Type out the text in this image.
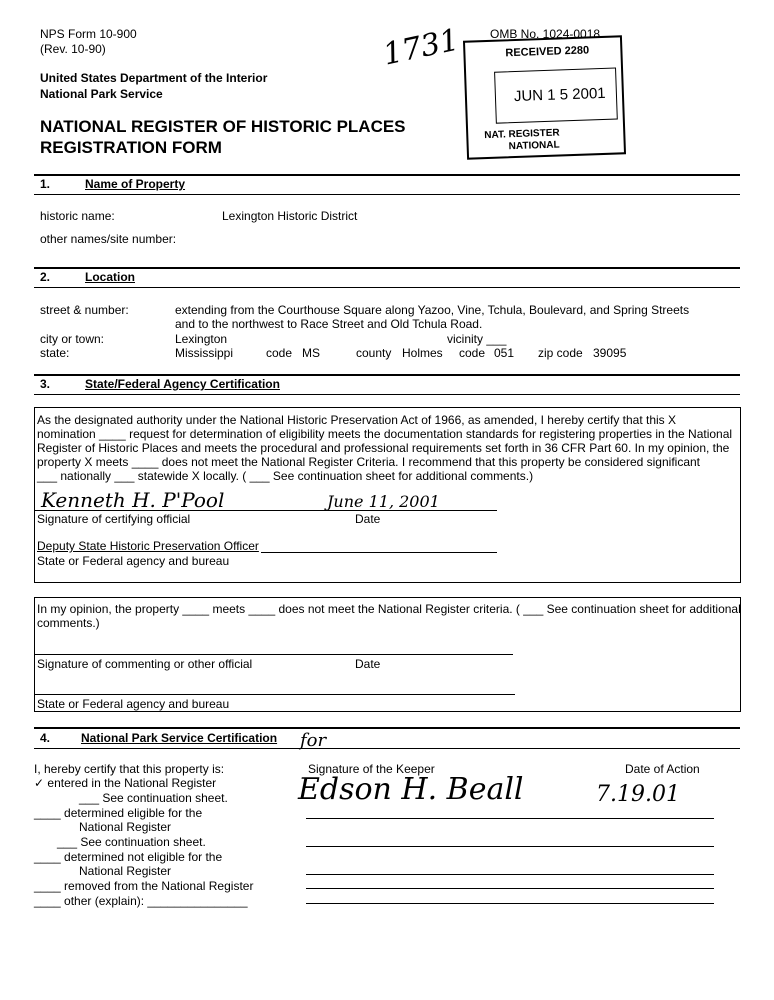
NPS Form 10-900
(Rev. 10-90)
OMB No. 1024-0018
United States Department of the Interior
National Park Service
NATIONAL REGISTER OF HISTORIC PLACES
REGISTRATION FORM
1731	RECEIVED 2280
JUN 1 5 2001
NAT. REGISTER
NATIONAL
1.	Name of Property
historic name:	Lexington Historic District
other names/site number:
2.	Location
street & number:	extending from the Courthouse Square along Yazoo, Vine, Tchula, Boulevard, and Spring Streets
and to the northwest to Race Street and Old Tchula Road.
city or town:	Lexington	vicinity ___
state:	Mississippi	code MS	county Holmes code 051 zip code 39095
3.	State/Federal Agency Certification
As the designated authority under the National Historic Preservation Act of 1966, as amended, I hereby certify that this X
nomination ____ request for determination of eligibility meets the documentation standards for registering properties in the National
Register of Historic Places and meets the procedural and professional requirements set forth in 36 CFR Part 60. In my opinion, the
property X meets ____ does not meet the National Register Criteria. I recommend that this property be considered significant
___ nationally ___ statewide X locally. ( ___ See continuation sheet for additional comments.)
Kenneth H. P'Pool	June 11, 2001
Signature of certifying official	Date
Deputy State Historic Preservation Officer
State or Federal agency and bureau
In my opinion, the property ____ meets ____ does not meet the National Register criteria. ( ___ See continuation sheet for additional
comments.)
Signature of commenting or other official	Date
State or Federal agency and bureau
4.	National Park Service Certification
I, hereby certify that this property is:
✓ entered in the National Register
___ See continuation sheet.
____ determined eligible for the
National Register
___ See continuation sheet.
____ determined not eligible for the
National Register
____ removed from the National Register
____ other (explain): _______________
for
Signature of the Keeper	Date of Action
Edson H. Beall	7.19.01
